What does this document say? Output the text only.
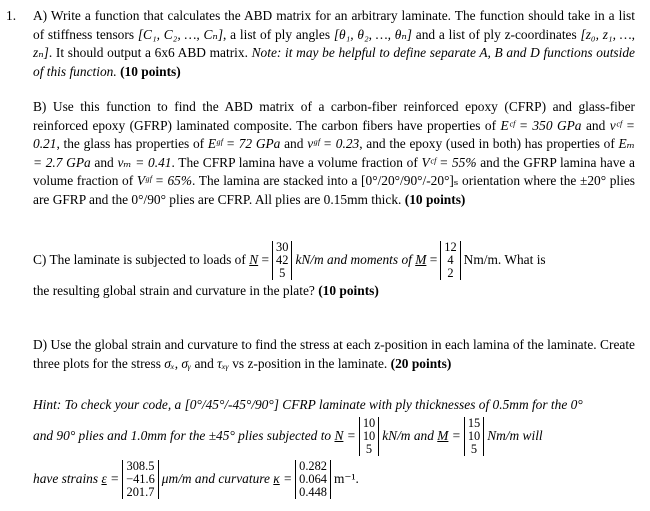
1. A) Write a function that calculates the ABD matrix for an arbitrary laminate. The function should take in a list of stiffness tensors [C₁, C₂, …, Cₙ], a list of ply angles [θ₁, θ₂, …, θₙ] and a list of ply z-coordinates [z₀, z₁, …, zₙ]. It should output a 6x6 ABD matrix. Note: it may be helpful to define separate A, B and D functions outside of this function. (10 points)

B) Use this function to find the ABD matrix of a carbon-fiber reinforced epoxy (CFRP) and glass-fiber reinforced epoxy (GFRP) laminated composite. The carbon fibers have properties of Eᶜᶠ = 350 GPa and νᶜᶠ = 0.21, the glass has properties of Eᵍᶠ = 72 GPa and νᵍᶠ = 0.23, and the epoxy (used in both) has properties of Eₘ = 2.7 GPa and νₘ = 0.41. The CFRP lamina have a volume fraction of Vᶜᶠ = 55% and the GFRP lamina have a volume fraction of Vᵍᶠ = 65%. The lamina are stacked into a [0°/20°/90°/-20°]ₛ orientation where the ±20° plies are GFRP and the 0°/90° plies are CFRP. All plies are 0.15mm thick. (10 points)

C) The laminate is subjected to loads of
N =
30
42
5
kN/m and moments of
M =
12
4
2
Nm/m. What is

the resulting global strain and curvature in the plate? (10 points)

D) Use the global strain and curvature to find the stress at each z-position in each lamina of the laminate. Create three plots for the stress σₓ, σᵧ and τₓᵧ vs z-position in the laminate. (20 points)

Hint: To check your code, a [0°/45°/-45°/90°] CFRP laminate with ply thicknesses of 0.5mm for the 0°

and 90° plies and 1.0mm for the ±45° plies subjected to
N =
10
10
5
kN/m and
M =
15
10
5
Nm/m will
have strains
ε =
308.5
−41.6
201.7
μm/m and curvature
κ =
0.282
0.064
0.448
m⁻¹.
